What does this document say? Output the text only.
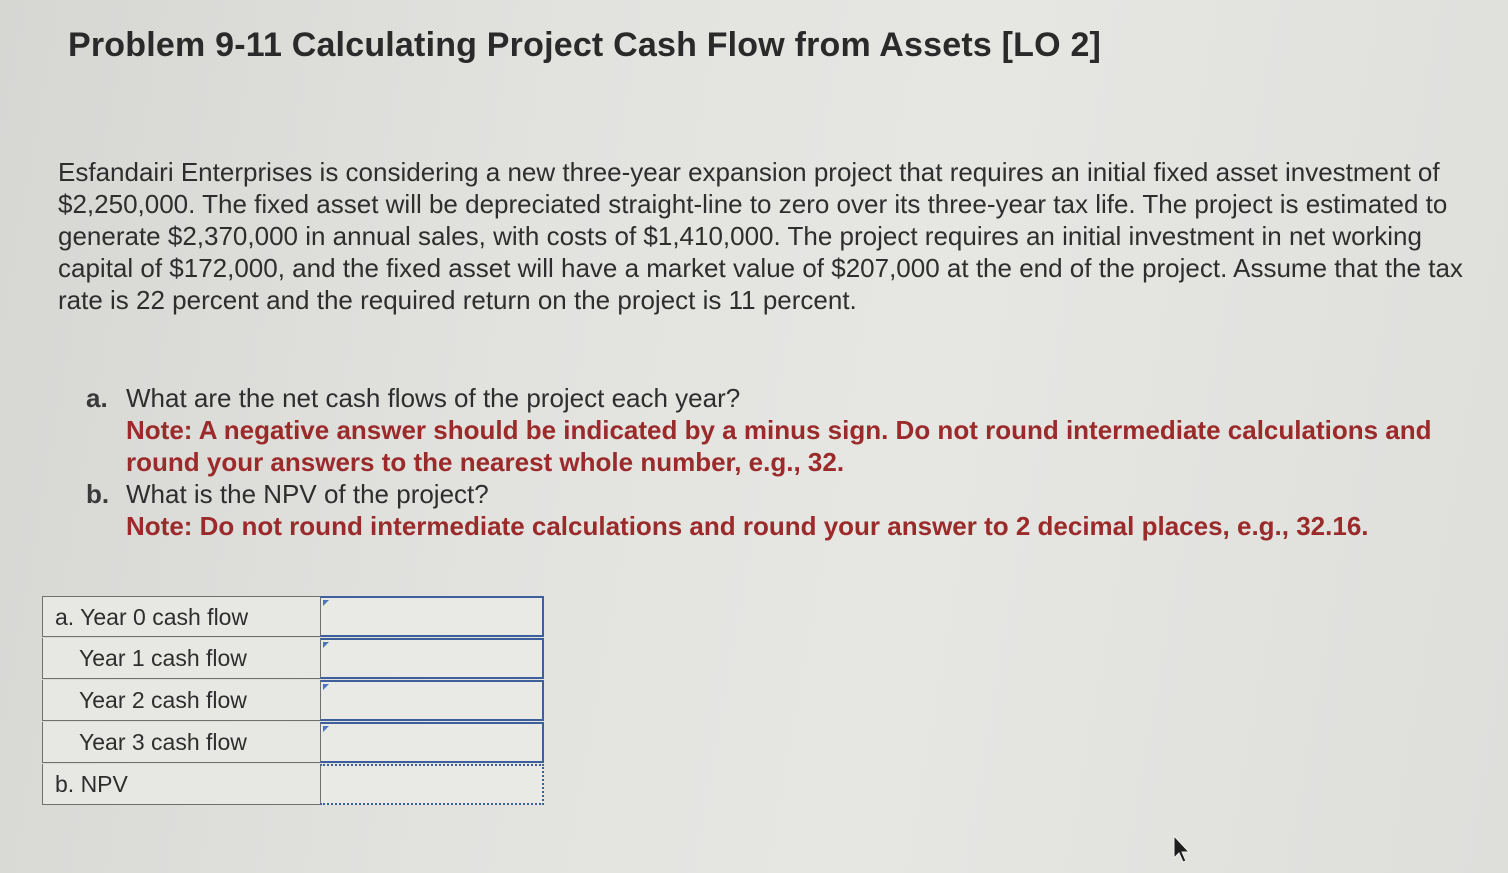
Problem 9-11 Calculating Project Cash Flow from Assets [LO 2]
Esfandairi Enterprises is considering a new three-year expansion project that requires an initial fixed asset investment of $2,250,000. The fixed asset will be depreciated straight-line to zero over its three-year tax life. The project is estimated to generate $2,370,000 in annual sales, with costs of $1,410,000. The project requires an initial investment in net working capital of $172,000, and the fixed asset will have a market value of $207,000 at the end of the project. Assume that the tax rate is 22 percent and the required return on the project is 11 percent.
a. What are the net cash flows of the project each year?
Note: A negative answer should be indicated by a minus sign. Do not round intermediate calculations and round your answers to the nearest whole number, e.g., 32.
b. What is the NPV of the project?
Note: Do not round intermediate calculations and round your answer to 2 decimal places, e.g., 32.16.
a. Year 0 cash flow
Year 1 cash flow
Year 2 cash flow
Year 3 cash flow
b. NPV
